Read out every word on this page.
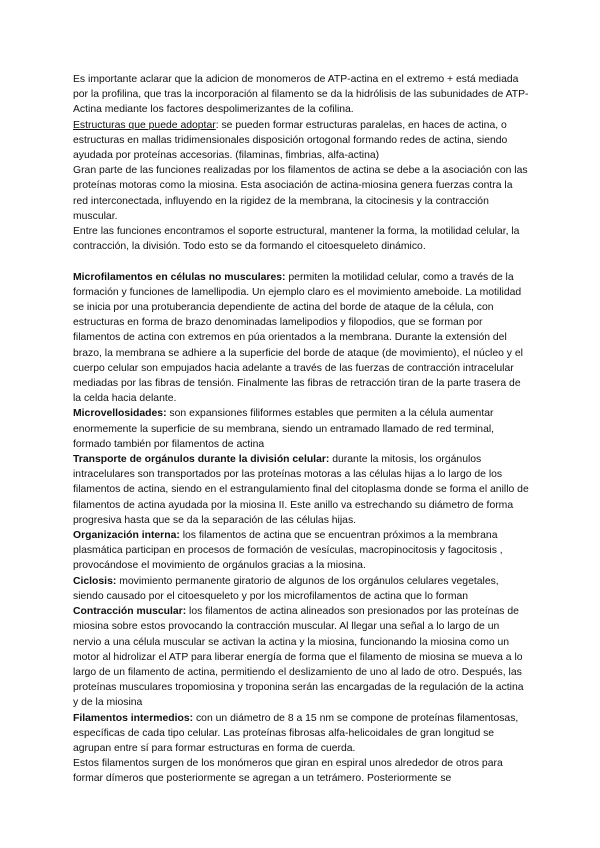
Es importante aclarar que la adicion de monomeros de ATP-actina en el extremo + está mediada por la profilina, que tras la incorporación al filamento se da la hidrólisis de las subunidades de ATP-Actina mediante los factores despolimerizantes de la cofilina.

Estructuras que puede adoptar: se pueden formar estructuras paralelas, en haces de actina, o estructuras en mallas tridimensionales disposición ortogonal formando redes de actina, siendo ayudada por proteínas accesorias. (filaminas, fimbrias, alfa-actina)

Gran parte de las funciones realizadas por los filamentos de actina se debe a la asociación con las proteínas motoras como la miosina. Esta asociación de actina-miosina genera fuerzas contra la red interconectada, influyendo en la rigidez de la membrana, la citocinesis y la contracción muscular.

Entre las funciones encontramos el soporte estructural, mantener la forma, la motilidad celular, la contracción, la división. Todo esto se da formando el citoesqueleto dinámico.

Microfilamentos en células no musculares: permiten la motilidad celular, como a través de la formación y funciones de lamellipodia. Un ejemplo claro es el movimiento ameboide. La motilidad se inicia por una protuberancia dependiente de actina del borde de ataque de la célula, con estructuras en forma de brazo denominadas lamelipodios y filopodios, que se forman por filamentos de actina con extremos en púa orientados a la membrana. Durante la extensión del brazo, la membrana se adhiere a la superficie del borde de ataque (de movimiento), el núcleo y el cuerpo celular son empujados hacia adelante a través de las fuerzas de contracción intracelular mediadas por las fibras de tensión. Finalmente las fibras de retracción tiran de la parte trasera de la celda hacia delante.

Microvellosidades: son expansiones filiformes estables que permiten a la célula aumentar enormemente la superficie de su membrana, siendo un entramado llamado de red terminal, formado también por filamentos de actina

Transporte de orgánulos durante la división celular: durante la mitosis, los orgánulos intracelulares son transportados por las proteínas motoras a las células hijas a lo largo de los filamentos de actina, siendo en el estrangulamiento final del citoplasma donde se forma el anillo de filamentos de actina ayudada por la miosina II. Este anillo va estrechando su diámetro de forma progresiva hasta que se da la separación de las células hijas.

Organización interna: los filamentos de actina que se encuentran próximos a la membrana plasmática participan en procesos de formación de vesículas, macropinocitosis y fagocitosis , provocándose el movimiento de orgánulos gracias a la miosina.

Ciclosis: movimiento permanente giratorio de algunos de los orgánulos celulares vegetales, siendo causado por el citoesqueleto y por los microfilamentos de actina que lo forman

Contracción muscular: los filamentos de actina alineados son presionados por las proteínas de miosina sobre estos provocando la contracción muscular. Al llegar una señal a lo largo de un nervio a una célula muscular se activan la actina y la miosina, funcionando la miosina como un motor al hidrolizar el ATP para liberar energía de forma que el filamento de miosina se mueva a lo largo de un filamento de actina, permitiendo el deslizamiento de uno al lado de otro. Después, las proteínas musculares tropomiosina y troponina serán las encargadas de la regulación de la actina y de la miosina

Filamentos intermedios: con un diámetro de 8 a 15 nm se compone de proteínas filamentosas, específicas de cada tipo celular. Las proteínas fibrosas alfa-helicoidales de gran longitud se agrupan entre sí para formar estructuras en forma de cuerda.

Estos filamentos surgen de los monómeros que giran en espiral unos alrededor de otros para formar dímeros que posteriormente se agregan a un tetrámero. Posteriormente se
